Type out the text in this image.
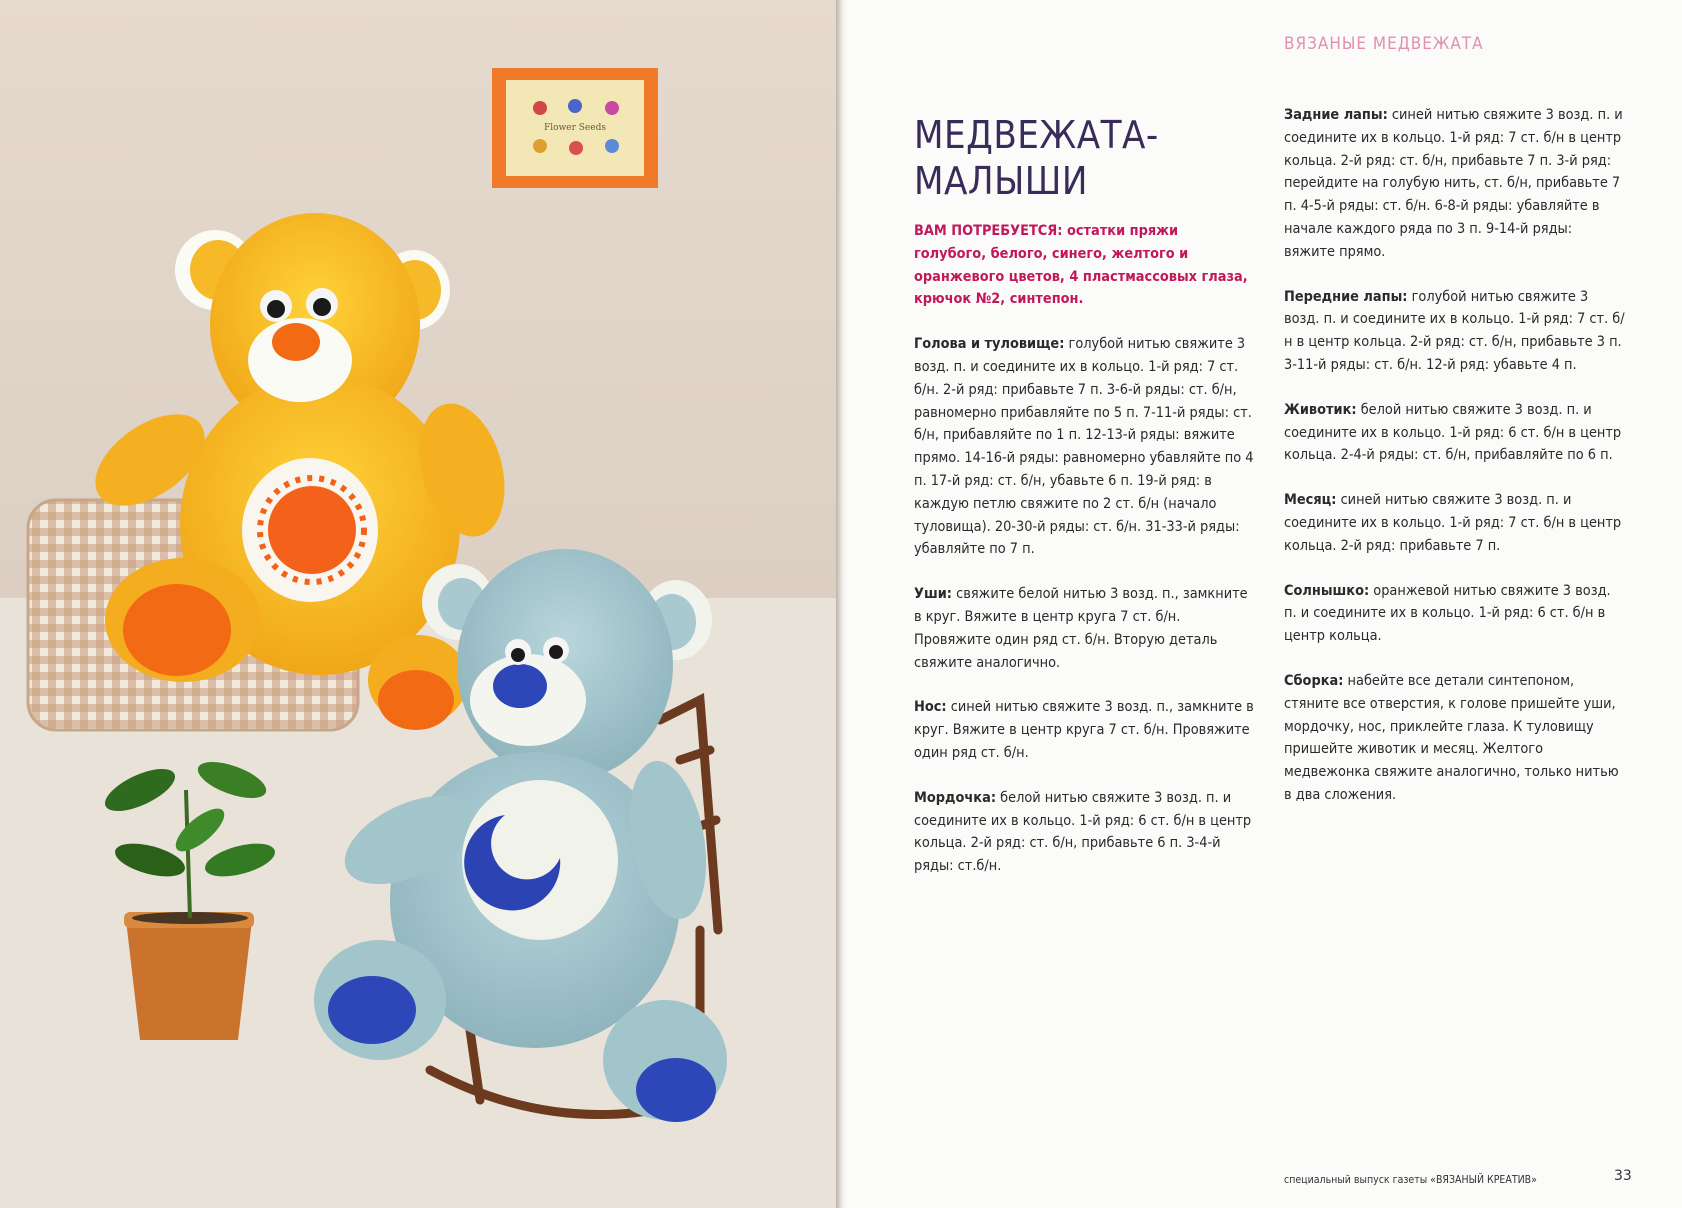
Flower Seeds
ВЯЗАНЫЕ МЕДВЕЖАТА
МЕДВЕЖАТА-
МАЛЫШИ

ВАМ ПОТРЕБУЕТСЯ: остатки пряжи голубого, белого, синего, желтого и оранжевого цветов, 4 пластмассовых глаза, крючок №2, синтепон.

Голова и туловище: голубой нитью свяжите 3 возд. п. и соедините их в кольцо. 1-й ряд: 7 ст. б/н. 2-й ряд: прибавьте 7 п. 3-6-й ряды: ст. б/н, равномерно прибавляйте по 5 п. 7-11-й ряды: ст. б/н, прибавляйте по 1 п. 12-13-й ряды: вяжите прямо. 14-16-й ряды: равномерно убавляйте по 4 п. 17-й ряд: ст. б/н, убавьте 6 п. 19-й ряд: в каждую петлю свяжите по 2 ст. б/н (начало туловища). 20-30-й ряды: ст. б/н. 31-33-й ряды: убавляйте по 7 п.

Уши: свяжите белой нитью 3 возд. п., замкните в круг. Вяжите в центр круга 7 ст. б/н. Провяжите один ряд ст. б/н. Вторую деталь свяжите аналогично.

Нос: синей нитью свяжите 3 возд. п., замкните в круг. Вяжите в центр круга 7 ст. б/н. Провяжите один ряд ст. б/н.

Мордочка: белой нитью свяжите 3 возд. п. и соедините их в кольцо. 1-й ряд: 6 ст. б/н в центр кольца. 2-й ряд: ст. б/н, прибавьте 6 п. 3-4-й ряды: ст.б/н.

Задние лапы: синей нитью свяжите 3 возд. п. и соедините их в кольцо. 1-й ряд: 7 ст. б/н в центр кольца. 2-й ряд: ст. б/н, прибавьте 7 п. 3-й ряд: перейдите на голубую нить, ст. б/н, прибавьте 7 п. 4-5-й ряды: ст. б/н. 6-8-й ряды: убавляйте в начале каждого ряда по 3 п. 9-14-й ряды: вяжите прямо.

Передние лапы: голубой нитью свяжите 3 возд. п. и соедините их в кольцо. 1-й ряд: 7 ст. б/н в центр кольца. 2-й ряд: ст. б/н, прибавьте 3 п. 3-11-й ряды: ст. б/н. 12-й ряд: убавьте 4 п.

Животик: белой нитью свяжите 3 возд. п. и соедините их в кольцо. 1-й ряд: 6 ст. б/н в центр кольца. 2-4-й ряды: ст. б/н, прибавляйте по 6 п.

Месяц: синей нитью свяжите 3 возд. п. и соедините их в кольцо. 1-й ряд: 7 ст. б/н в центр кольца. 2-й ряд: прибавьте 7 п.

Солнышко: оранжевой нитью свяжите 3 возд. п. и соедините их в кольцо. 1-й ряд: 6 ст. б/н в центр кольца.

Сборка: набейте все детали синтепоном, стяните все отверстия, к голове пришейте уши, мордочку, нос, приклейте глаза. К туловищу пришейте животик и месяц. Желтого медвежонка свяжите аналогично, только нитью в два сложения.

специальный выпуск газеты «ВЯЗАНЫЙ КРЕАТИВ»	33
